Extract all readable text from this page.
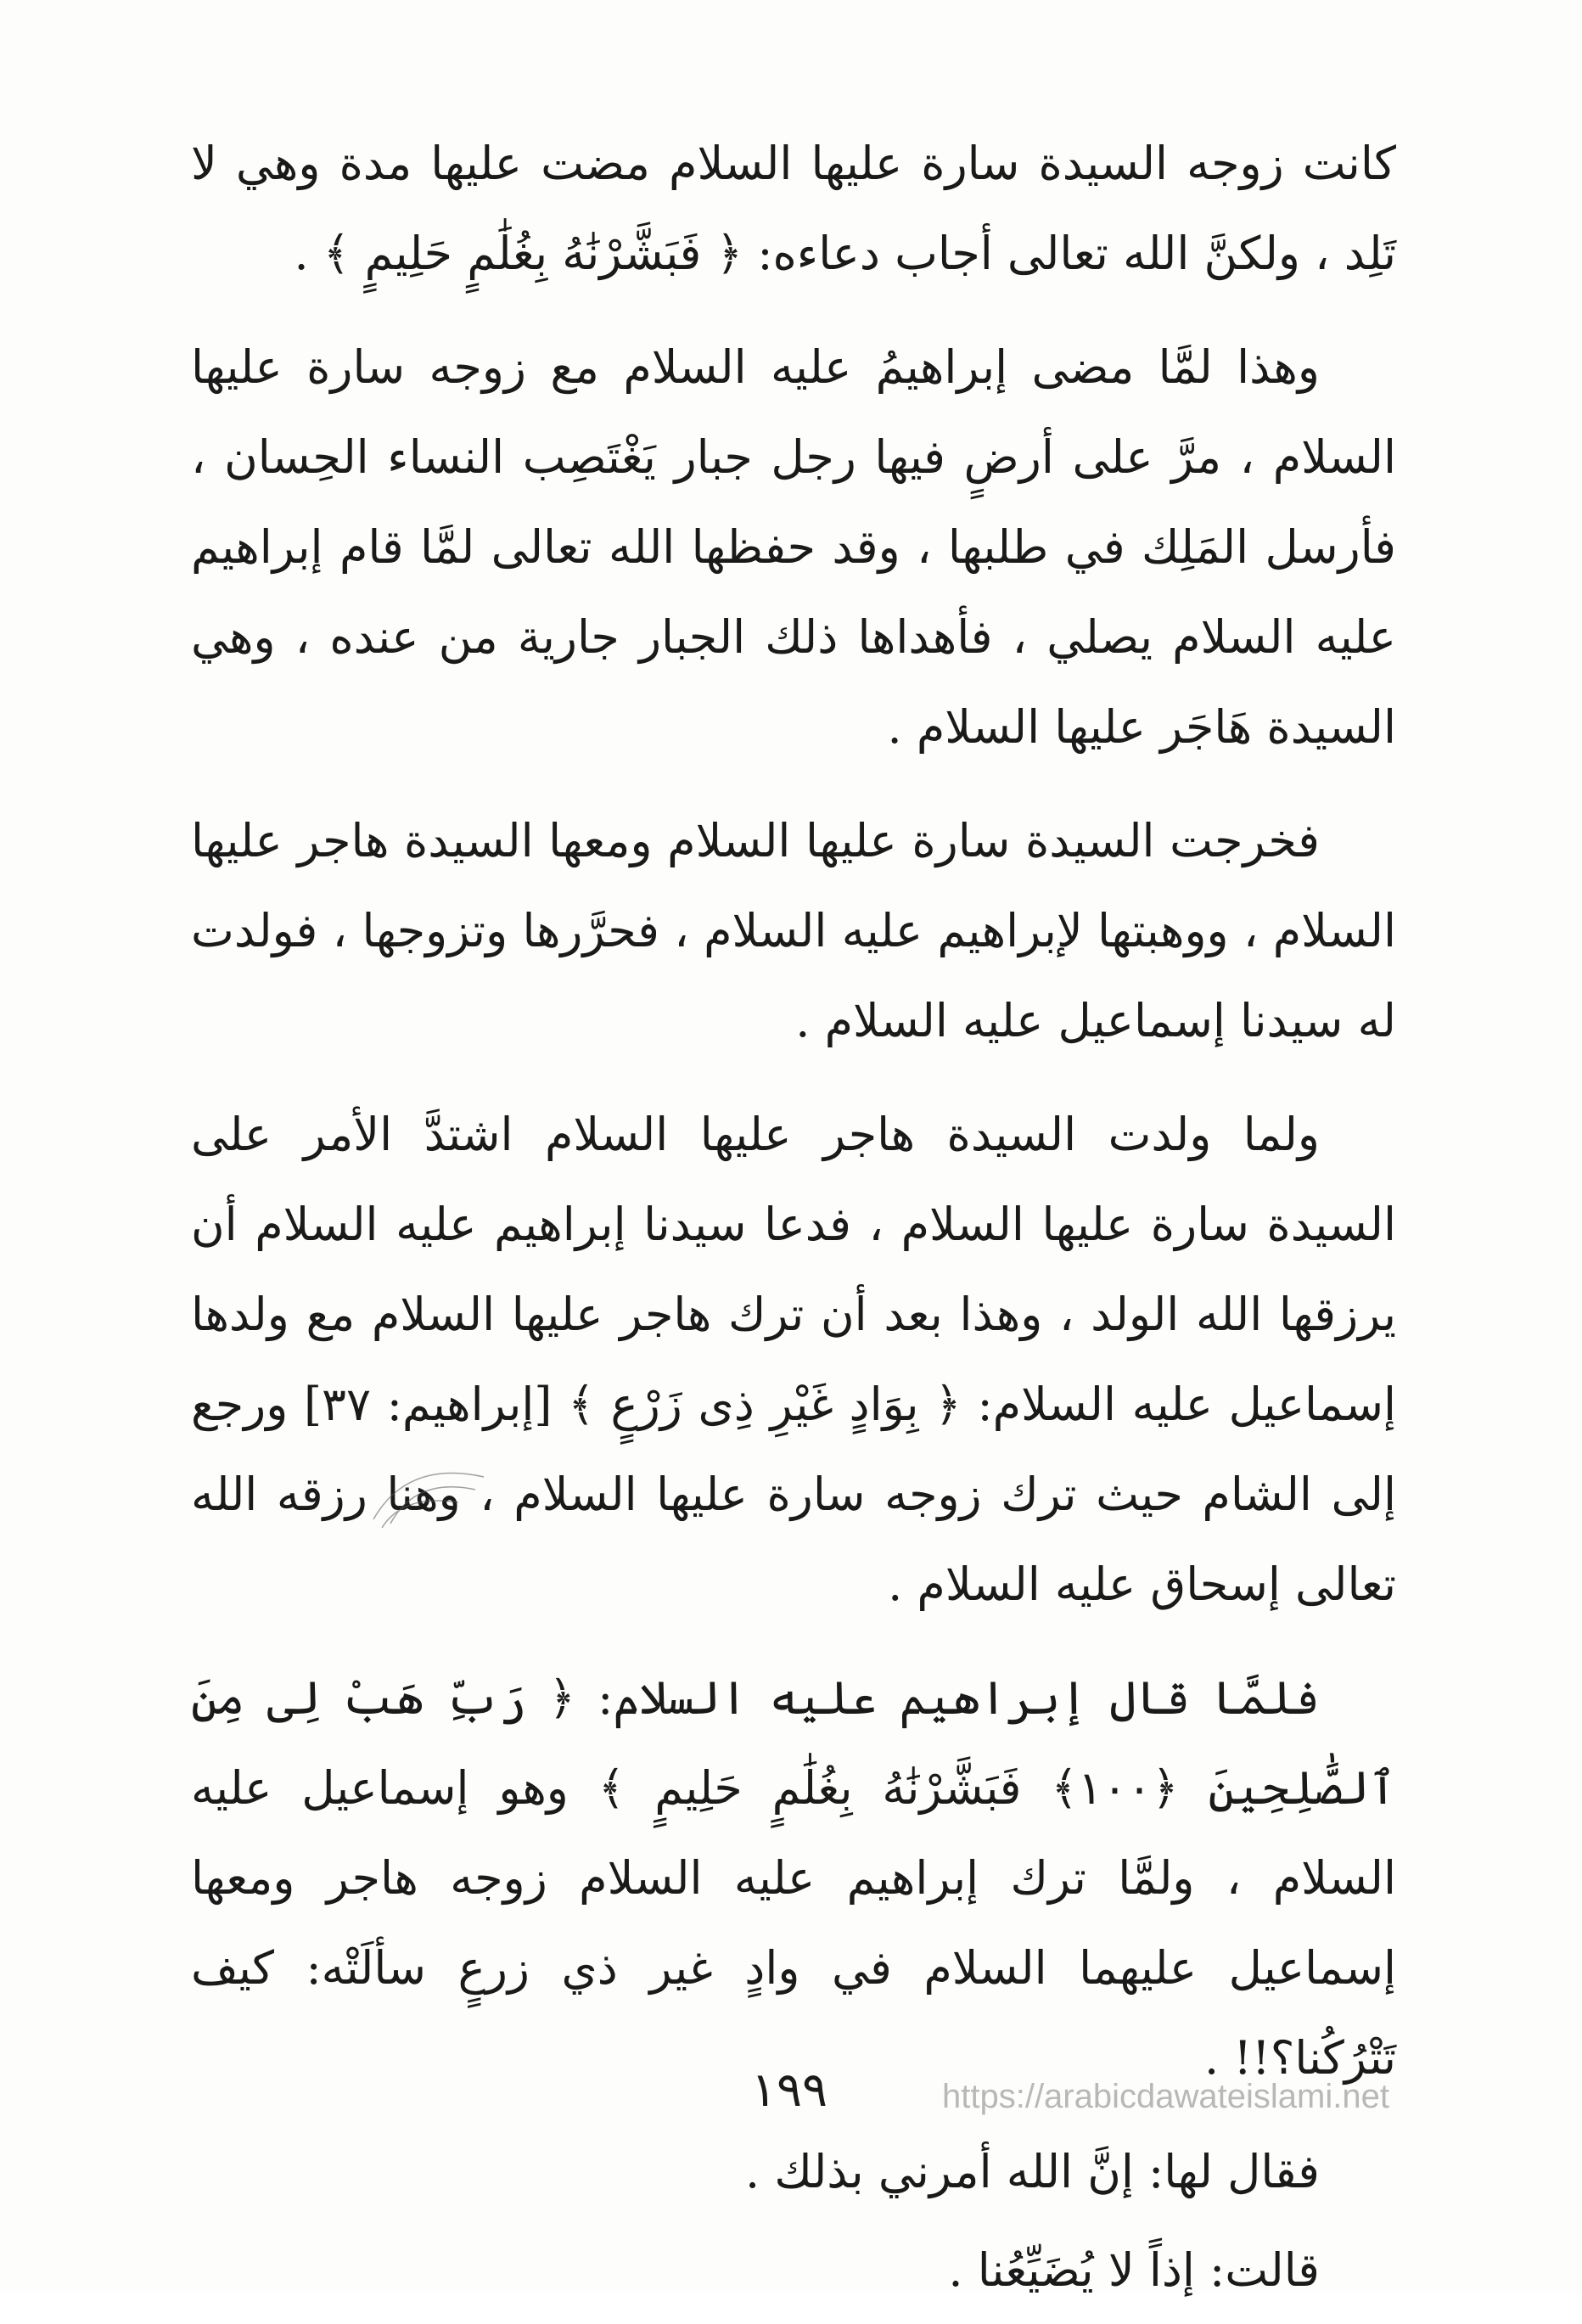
كانت زوجه السيدة سارة عليها السلام مضت عليها مدة وهي لا تَلِد ، ولكنَّ الله تعالى أجاب دعاءه: ﴿ فَبَشَّرْنَٰهُ بِغُلَٰمٍ حَلِيمٍ ﴾ .

وهذا لمَّا مضى إبراهيمُ عليه السلام مع زوجه سارة عليها السلام ، مرَّ على أرضٍ فيها رجل جبار يَغْتَصِب النساء الحِسان ، فأرسل المَلِك في طلبها ، وقد حفظها الله تعالى لمَّا قام إبراهيم عليه السلام يصلي ، فأهداها ذلك الجبار جارية من عنده ، وهي السيدة هَاجَر عليها السلام .

فخرجت السيدة سارة عليها السلام ومعها السيدة هاجر عليها السلام ، ووهبتها لإبراهيم عليه السلام ، فحرَّرها وتزوجها ، فولدت له سيدنا إسماعيل عليه السلام .

ولما ولدت السيدة هاجر عليها السلام اشتدَّ الأمر على السيدة سارة عليها السلام ، فدعا سيدنا إبراهيم عليه السلام أن يرزقها الله الولد ، وهذا بعد أن ترك هاجر عليها السلام مع ولدها إسماعيل عليه السلام: ﴿ بِوَادٍ غَيْرِ ذِى زَرْعٍ ﴾ [إبراهيم: ٣٧] ورجع إلى الشام حيث ترك زوجه سارة عليها السلام ، وهنا رزقه الله تعالى إسحاق عليه السلام .

فلمَّا قال إبراهيم عليه السلام: ﴿ رَبِّ هَبْ لِى مِنَ ٱلصَّٰلِحِينَ ﴿١٠٠﴾ فَبَشَّرْنَٰهُ بِغُلَٰمٍ حَلِيمٍ ﴾ وهو إسماعيل عليه السلام ، ولمَّا ترك إبراهيم عليه السلام زوجه هاجر ومعها إسماعيل عليهما السلام في وادٍ غير ذي زرعٍ سألَتْه: كيف تَتْرُكُنا؟!! .

فقال لها: إنَّ الله أمرني بذلك .

قالت: إذاً لا يُضَيِّعُنا .

١٩٩	https://arabicdawateislami.net
